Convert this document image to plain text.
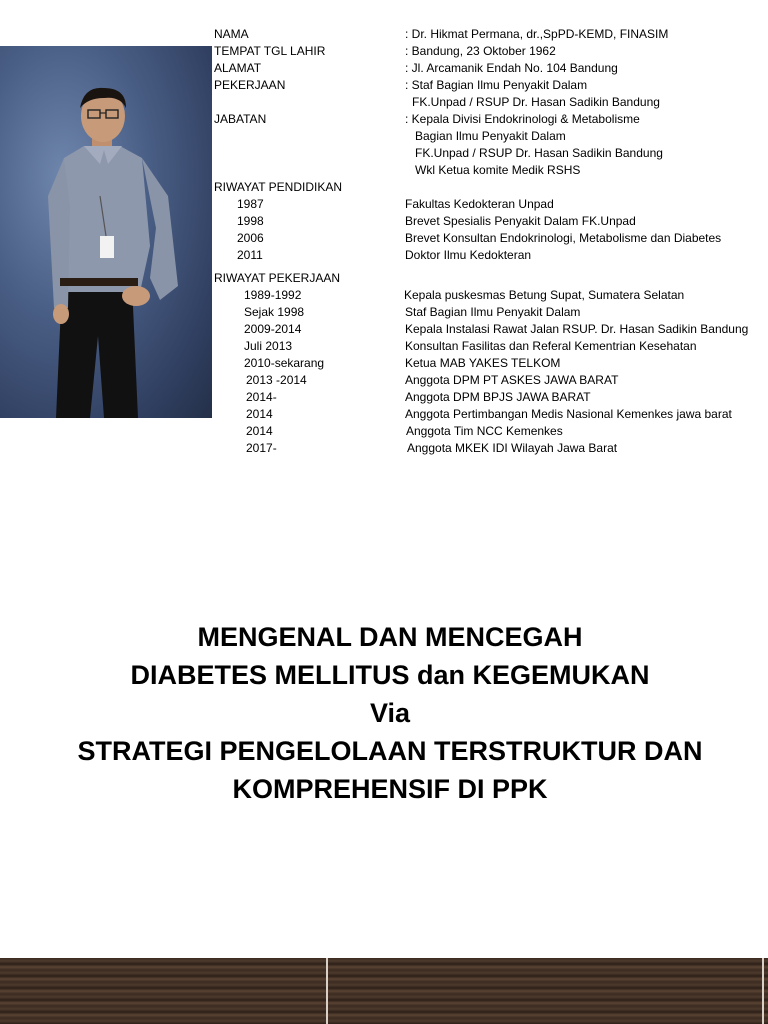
NAMA	: Dr. Hikmat Permana, dr.,SpPD-KEMD, FINASIM
TEMPAT TGL LAHIR	: Bandung, 23 Oktober 1962
ALAMAT	: Jl. Arcamanik Endah No. 104 Bandung
PEKERJAAN	: Staf Bagian Ilmu Penyakit Dalam
FK.Unpad / RSUP Dr. Hasan Sadikin Bandung
JABATAN	: Kepala Divisi Endokrinologi & Metabolisme
Bagian Ilmu Penyakit Dalam
FK.Unpad / RSUP Dr. Hasan Sadikin Bandung
Wkl Ketua komite Medik RSHS
RIWAYAT PENDIDIKAN
1987	Fakultas Kedokteran Unpad
1998	Brevet Spesialis Penyakit Dalam FK.Unpad
2006	Brevet Konsultan Endokrinologi, Metabolisme dan Diabetes
2011	Doktor Ilmu Kedokteran
RIWAYAT PEKERJAAN
1989-1992	Kepala puskesmas Betung Supat, Sumatera Selatan
Sejak 1998	Staf Bagian Ilmu Penyakit Dalam
2009-2014	Kepala Instalasi Rawat Jalan RSUP. Dr. Hasan Sadikin Bandung
Juli 2013	Konsultan Fasilitas dan Referal Kementrian Kesehatan
2010-sekarang	Ketua MAB YAKES TELKOM
2013 -2014	Anggota DPM PT ASKES JAWA BARAT
2014-	Anggota DPM BPJS JAWA BARAT
2014	Anggota Pertimbangan Medis Nasional Kemenkes jawa barat
2014	Anggota Tim NCC Kemenkes
2017-	Anggota MKEK IDI Wilayah Jawa Barat
MENGENAL DAN MENCEGAH
DIABETES MELLITUS dan KEGEMUKAN
Via
STRATEGI PENGELOLAAN TERSTRUKTUR DAN
KOMPREHENSIF DI PPK
